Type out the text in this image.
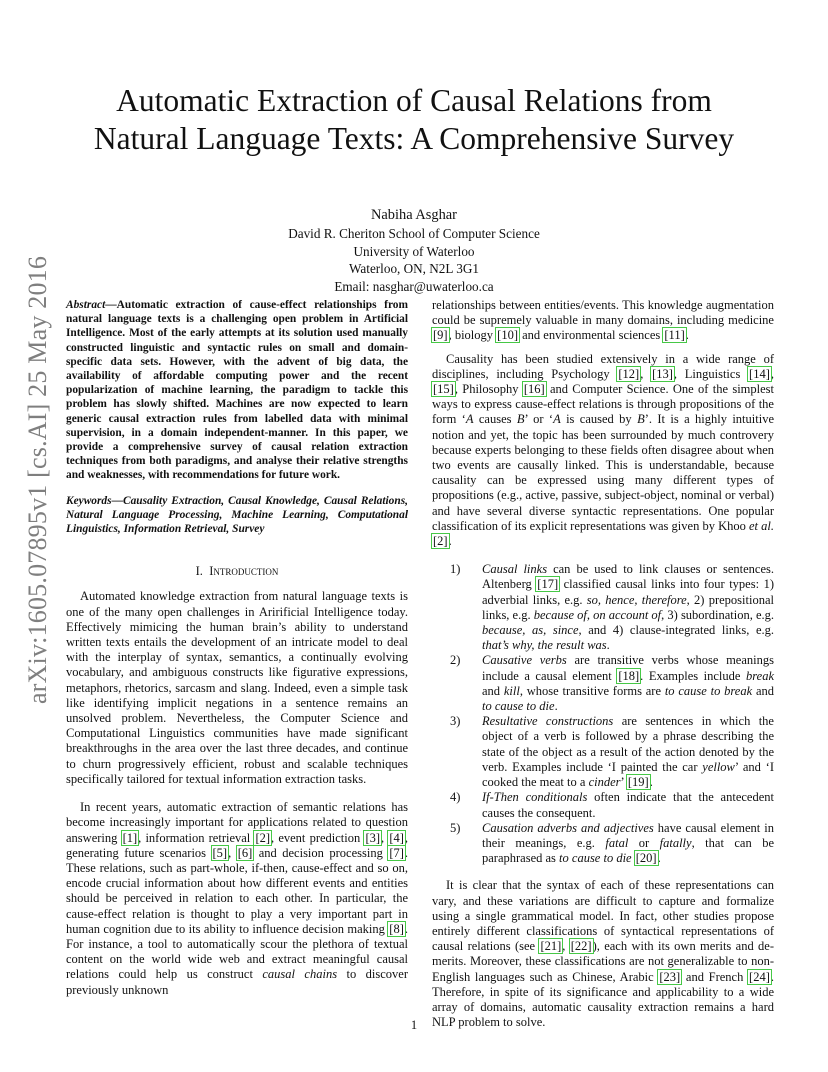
Automatic Extraction of Causal Relations from
Natural Language Texts: A Comprehensive Survey
Nabiha Asghar
David R. Cheriton School of Computer Science
University of Waterloo
Waterloo, ON, N2L 3G1
Email: nasghar@uwaterloo.ca
arXiv:1605.07895v1 [cs.AI] 25 May 2016	Abstract—Automatic extraction of cause-effect relationships from natural language texts is a challenging open problem in Artificial Intelligence. Most of the early attempts at its solution used manually constructed linguistic and syntactic rules on small and domain-specific data sets. However, with the advent of big data, the availability of affordable computing power and the recent popularization of machine learning, the paradigm to tackle this problem has slowly shifted. Machines are now expected to learn generic causal extraction rules from labelled data with minimal supervision, in a domain independent-manner. In this paper, we provide a comprehensive survey of causal relation extraction techniques from both paradigms, and analyse their relative strengths and weaknesses, with recommendations for future work.
Keywords—Causality Extraction, Causal Knowledge, Causal Relations, Natural Language Processing, Machine Learning, Computational Linguistics, Information Retrieval, Survey
I. Introduction

Automated knowledge extraction from natural language texts is one of the many open challenges in Aririficial Intelligence today. Effectively mimicing the human brain’s ability to understand written texts entails the development of an intricate model to deal with the interplay of syntax, semantics, a continually evolving vocabulary, and ambiguous constructs like figurative expressions, metaphors, rhetorics, sarcasm and slang. Indeed, even a simple task like identifying implicit negations in a sentence remains an unsolved problem. Nevertheless, the Computer Science and Computational Linguistics communities have made significant breakthroughs in the area over the last three decades, and continue to churn progressively efficient, robust and scalable techniques specifically tailored for textual information extraction tasks.

In recent years, automatic extraction of semantic relations has become increasingly important for applications related to question answering [1], information retrieval [2], event prediction [3], [4], generating future scenarios [5], [6] and decision processing [7]. These relations, such as part-whole, if-then, cause-effect and so on, encode crucial information about how different events and entities should be perceived in relation to each other. In particular, the cause-effect relation is thought to play a very important part in human cognition due to its ability to influence decision making [8]. For instance, a tool to automatically scour the plethora of textual content on the world wide web and extract meaningful causal relations could help us construct causal chains to discover previously unknown

relationships between entities/events. This knowledge augmentation could be supremely valuable in many domains, including medicine [9], biology [10] and environmental sciences [11].

Causality has been studied extensively in a wide range of disciplines, including Psychology [12], [13], Linguistics [14], [15], Philosophy [16] and Computer Science. One of the simplest ways to express cause-effect relations is through propositions of the form ‘A causes B’ or ‘A is caused by B’. It is a highly intuitive notion and yet, the topic has been surrounded by much controvery because experts belonging to these fields often disagree about when two events are causally linked. This is understandable, because causality can be expressed using many different types of propositions (e.g., active, passive, subject-object, nominal or verbal) and have several diverse syntactic representations. One popular classification of its explicit representations was given by Khoo et al. [2].

1)	Causal links can be used to link clauses or sentences. Altenberg [17] classified causal links into four types: 1) adverbial links, e.g. so, hence, therefore, 2) prepositional links, e.g. because of, on account of, 3) subordination, e.g. because, as, since, and 4) clause-integrated links, e.g. that’s why, the result was.
2)	Causative verbs are transitive verbs whose meanings include a causal element [18]. Examples include break and kill, whose transitive forms are to cause to break and to cause to die.
3)	Resultative constructions are sentences in which the object of a verb is followed by a phrase describing the state of the object as a result of the action denoted by the verb. Examples include ‘I painted the car yellow’ and ‘I cooked the meat to a cinder’ [19].
4)	If-Then conditionals often indicate that the antecedent causes the consequent.
5)	Causation adverbs and adjectives have causal element in their meanings, e.g. fatal or fatally, that can be paraphrased as to cause to die [20].

It is clear that the syntax of each of these representations can vary, and these variations are difficult to capture and formalize using a single grammatical model. In fact, other studies propose entirely different classifications of syntactical representations of causal relations (see [21], [22]), each with its own merits and de-merits. Moreover, these classifications are not generalizable to non-English languages such as Chinese, Arabic [23] and French [24]. Therefore, in spite of its significance and applicability to a wide array of domains, automatic causality extraction remains a hard NLP problem to solve.

1
